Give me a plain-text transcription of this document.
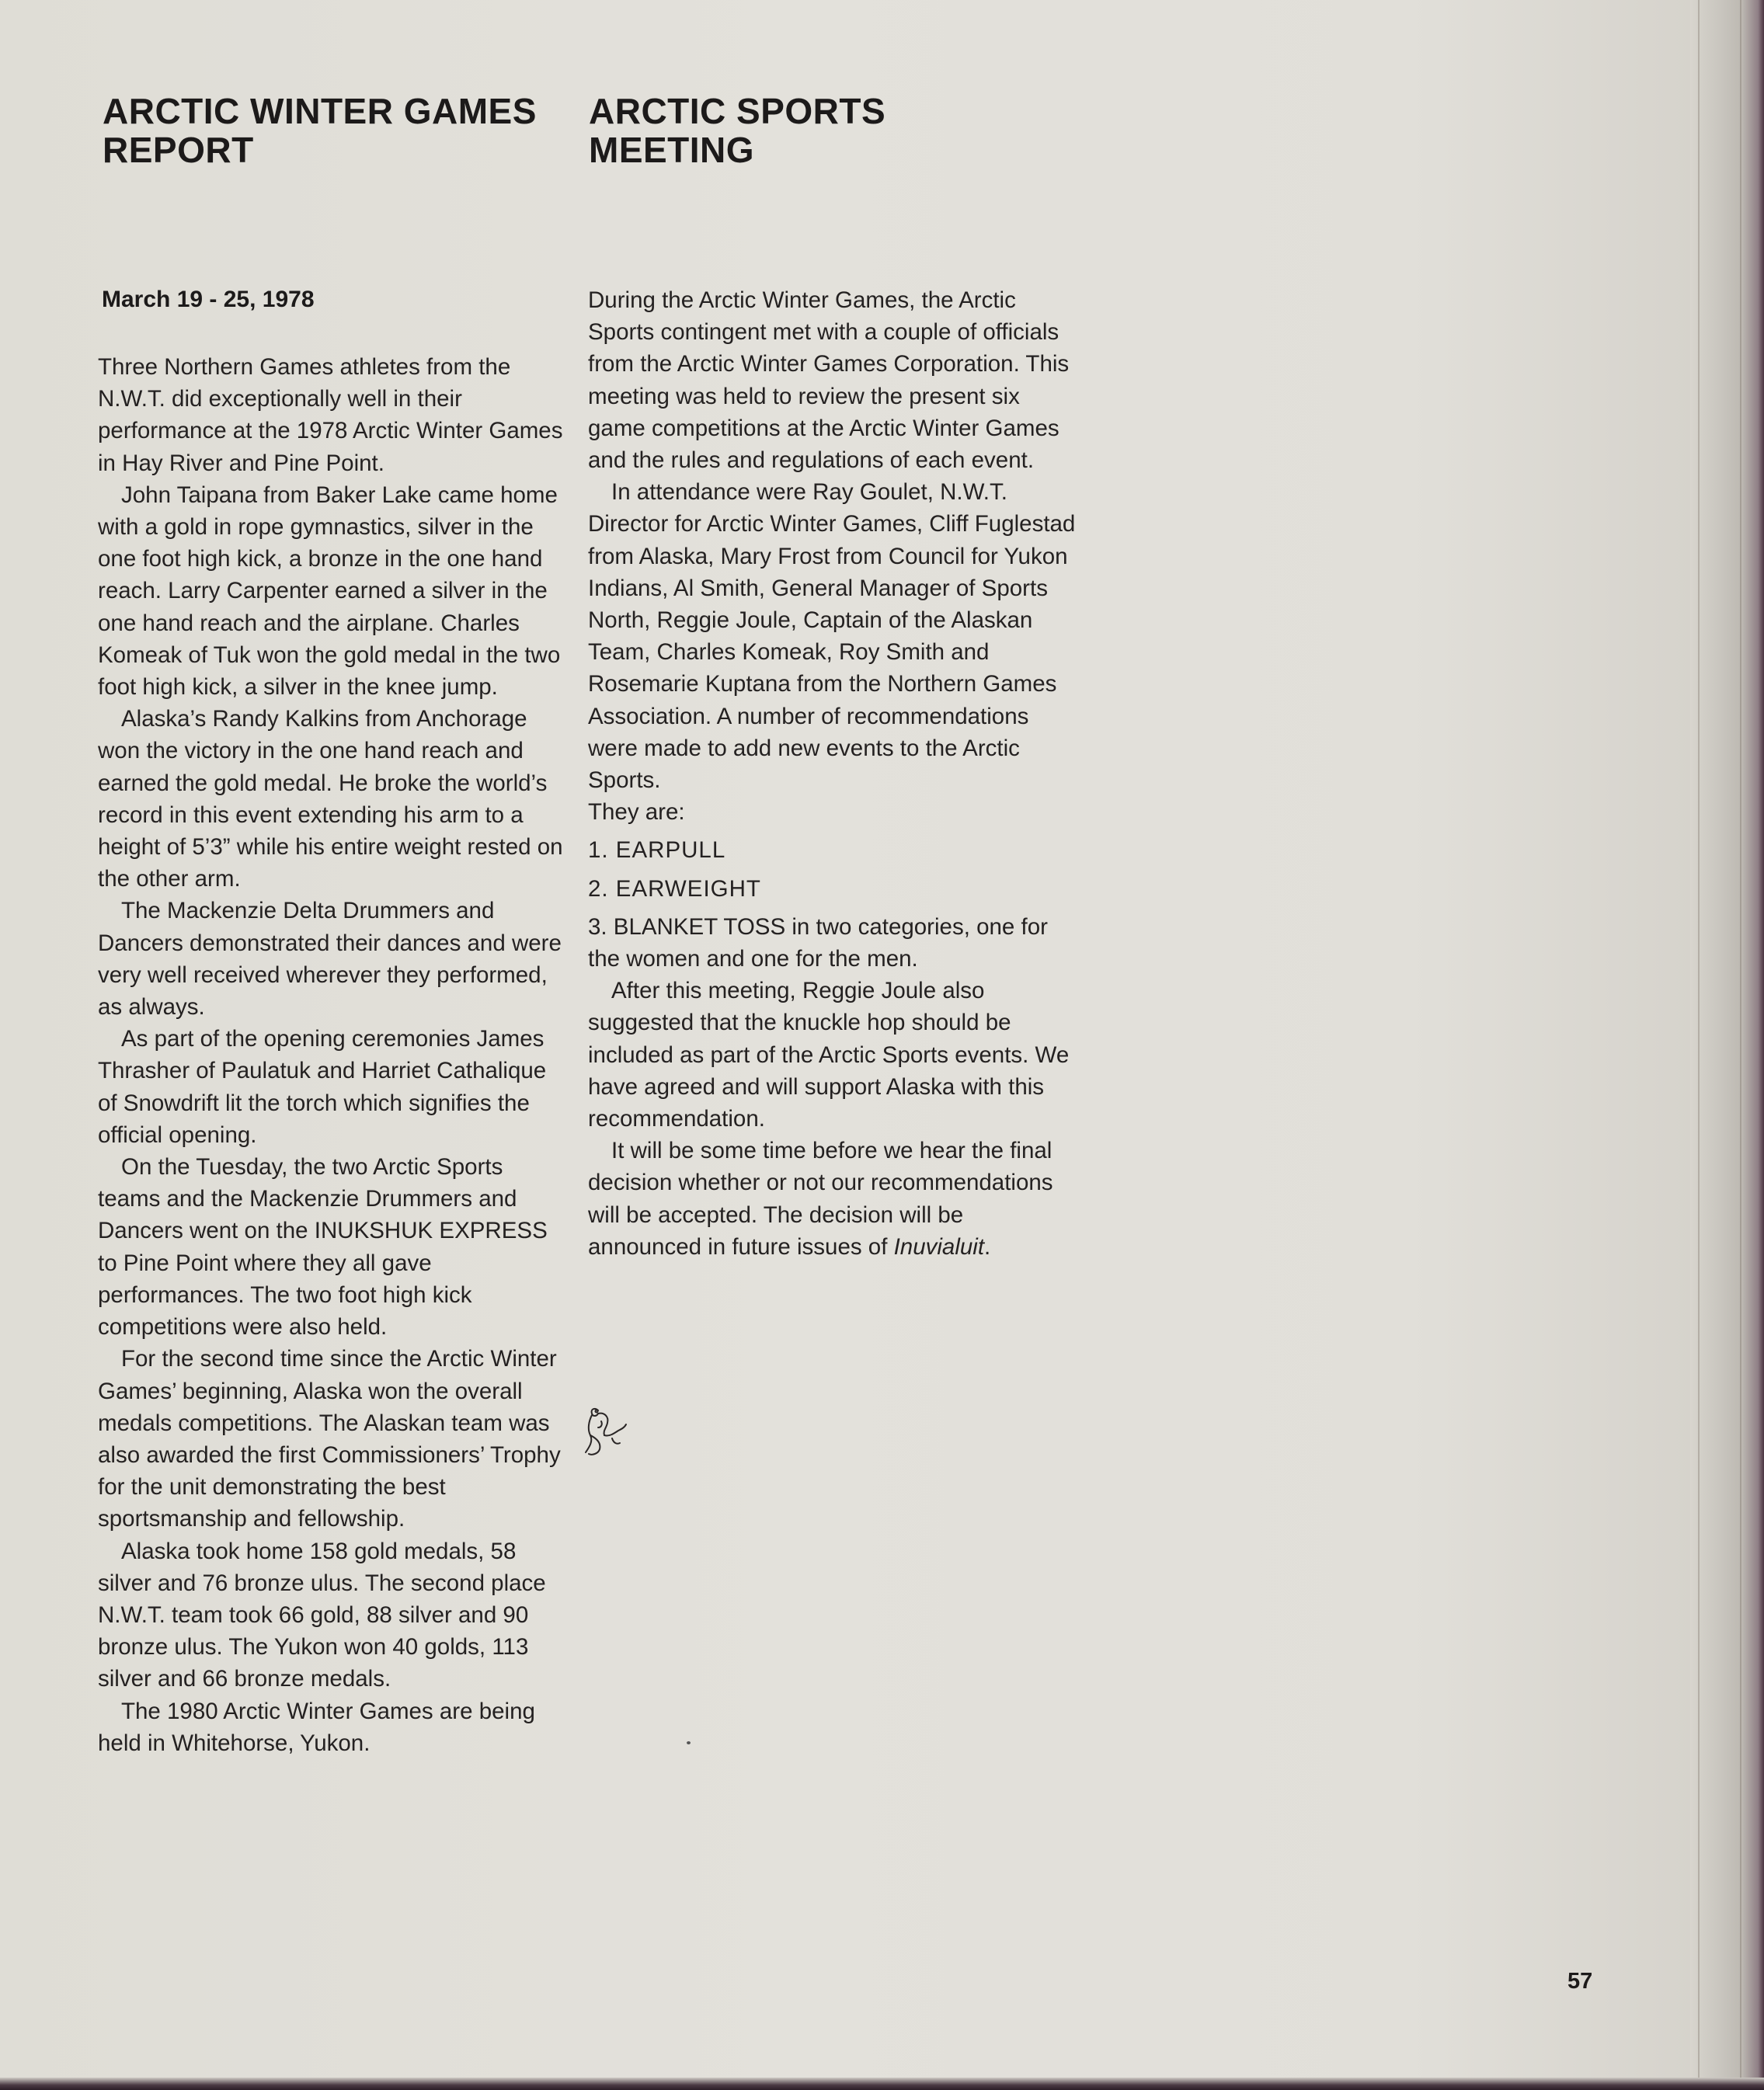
ARCTIC WINTER GAMES
REPORT
ARCTIC SPORTS
MEETING
March 19 - 25, 1978

Three Northern Games athletes from the N.W.T. did exceptionally well in their performance at the 1978 Arctic Winter Games in Hay River and Pine Point.

John Taipana from Baker Lake came home with a gold in rope gymnastics, silver in the one foot high kick, a bronze in the one hand reach. Larry Carpenter earned a silver in the one hand reach and the airplane. Charles Komeak of Tuk won the gold medal in the two foot high kick, a silver in the knee jump.

Alaska’s Randy Kalkins from Anchorage won the victory in the one hand reach and earned the gold medal. He broke the world’s record in this event extending his arm to a height of 5’3” while his entire weight rested on the other arm.

The Mackenzie Delta Drummers and Dancers demonstrated their dances and were very well received wherever they performed, as always.

As part of the opening ceremonies James Thrasher of Paulatuk and Harriet Cathalique of Snowdrift lit the torch which signifies the official opening.

On the Tuesday, the two Arctic Sports teams and the Mackenzie Drummers and Dancers went on the INUKSHUK EXPRESS to Pine Point where they all gave performances. The two foot high kick competitions were also held.

For the second time since the Arctic Winter Games’ beginning, Alaska won the overall medals competitions. The Alaskan team was also awarded the first Commissioners’ Trophy for the unit demonstrating the best sportsmanship and fellowship.

Alaska took home 158 gold medals, 58 silver and 76 bronze ulus. The second place N.W.T. team took 66 gold, 88 silver and 90 bronze ulus. The Yukon won 40 golds, 113 silver and 66 bronze medals.

The 1980 Arctic Winter Games are being held in Whitehorse, Yukon.

During the Arctic Winter Games, the Arctic Sports contingent met with a couple of officials from the Arctic Winter Games Corporation. This meeting was held to review the present six game competitions at the Arctic Winter Games and the rules and regulations of each event.

In attendance were Ray Goulet, N.W.T. Director for Arctic Winter Games, Cliff Fuglestad from Alaska, Mary Frost from Council for Yukon Indians, Al Smith, General Manager of Sports North, Reggie Joule, Captain of the Alaskan Team, Charles Komeak, Roy Smith and Rosemarie Kuptana from the Northern Games Association. A number of recommendations were made to add new events to the Arctic Sports.

They are:

1. EARPULL

2. EARWEIGHT

3. BLANKET TOSS in two categories, one for the women and one for the men.

After this meeting, Reggie Joule also suggested that the knuckle hop should be included as part of the Arctic Sports events. We have agreed and will support Alaska with this recommendation.

It will be some time before we hear the final decision whether or not our recommendations will be accepted. The decision will be announced in future issues of Inuvialuit.

57
